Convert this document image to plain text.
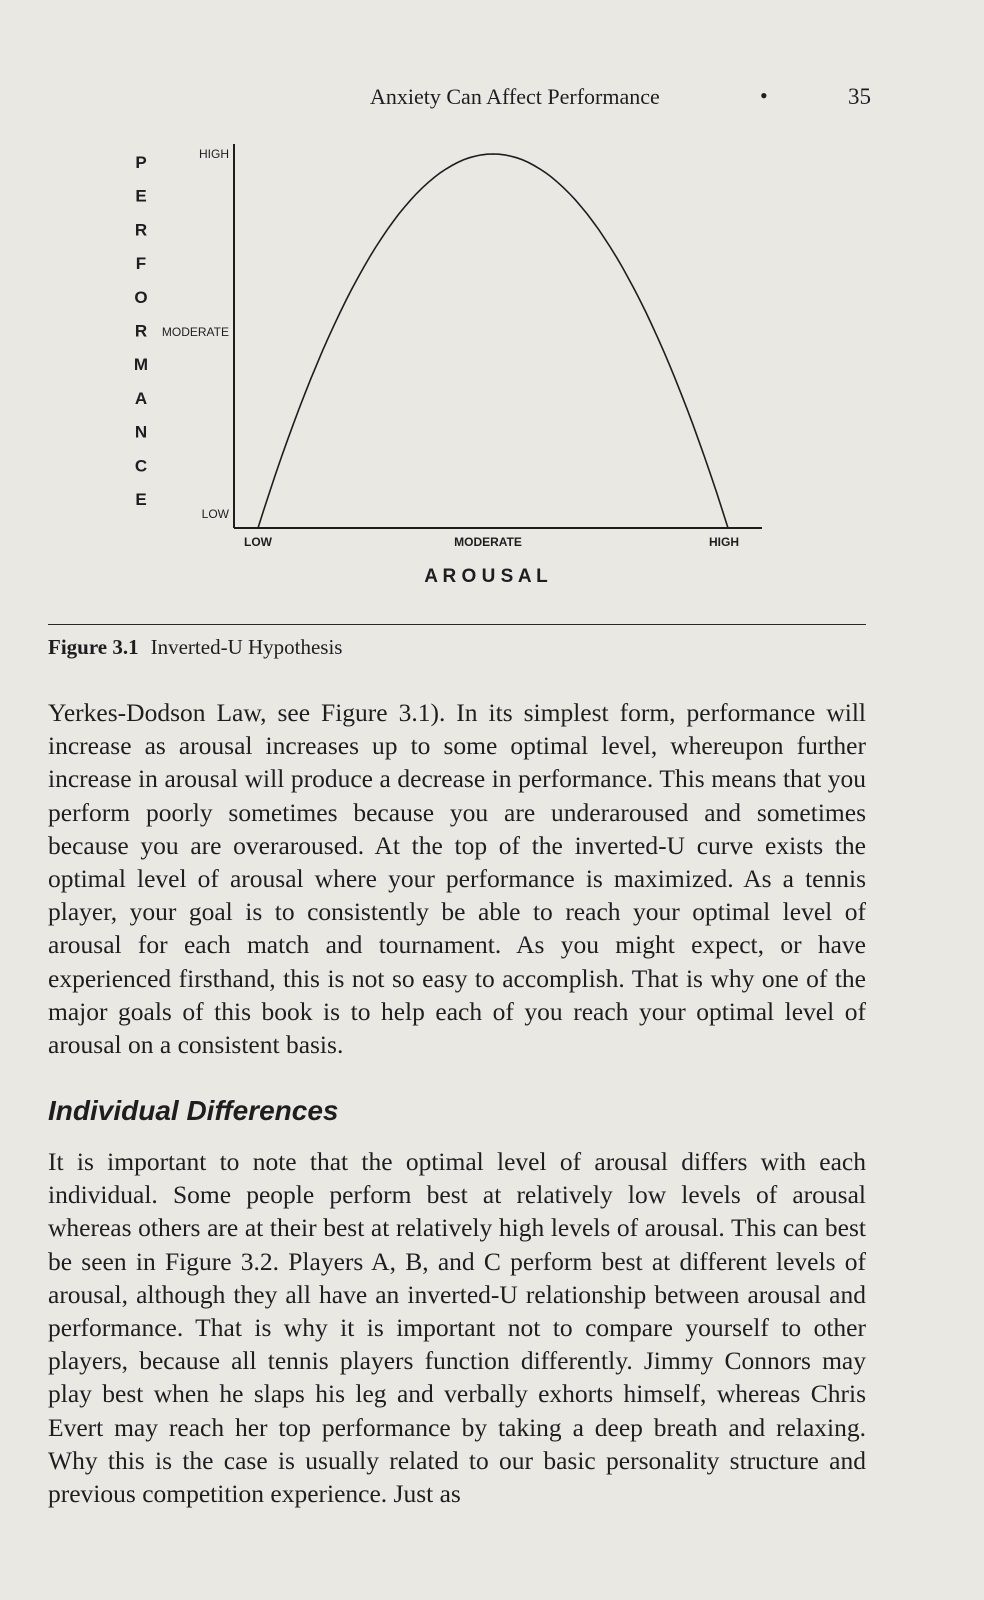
Anxiety Can Affect Performance	•	35
HIGH
MODERATE
LOW
LOW	MODERATE	HIGH
P
E
R
F
O
R
M
A
N
C
E
A R O U S A L
Figure 3.1 Inverted-U Hypothesis

Yerkes-Dodson Law, see Figure 3.1). In its simplest form, performance will increase as arousal increases up to some optimal level, whereupon further increase in arousal will produce a decrease in performance. This means that you perform poorly sometimes because you are underaroused and sometimes because you are overaroused. At the top of the inverted-U curve exists the optimal level of arousal where your performance is maximized. As a tennis player, your goal is to consistently be able to reach your optimal level of arousal for each match and tournament. As you might expect, or have experienced firsthand, this is not so easy to accomplish. That is why one of the major goals of this book is to help each of you reach your optimal level of arousal on a consistent basis.

Individual Differences

It is important to note that the optimal level of arousal differs with each individual. Some people perform best at relatively low levels of arousal whereas others are at their best at relatively high levels of arousal. This can best be seen in Figure 3.2. Players A, B, and C perform best at different levels of arousal, although they all have an inverted-U relationship between arousal and performance. That is why it is important not to compare yourself to other players, because all tennis players function differently. Jimmy Connors may play best when he slaps his leg and verbally exhorts himself, whereas Chris Evert may reach her top performance by taking a deep breath and relaxing. Why this is the case is usually related to our basic personality structure and previous competition experience. Just as
